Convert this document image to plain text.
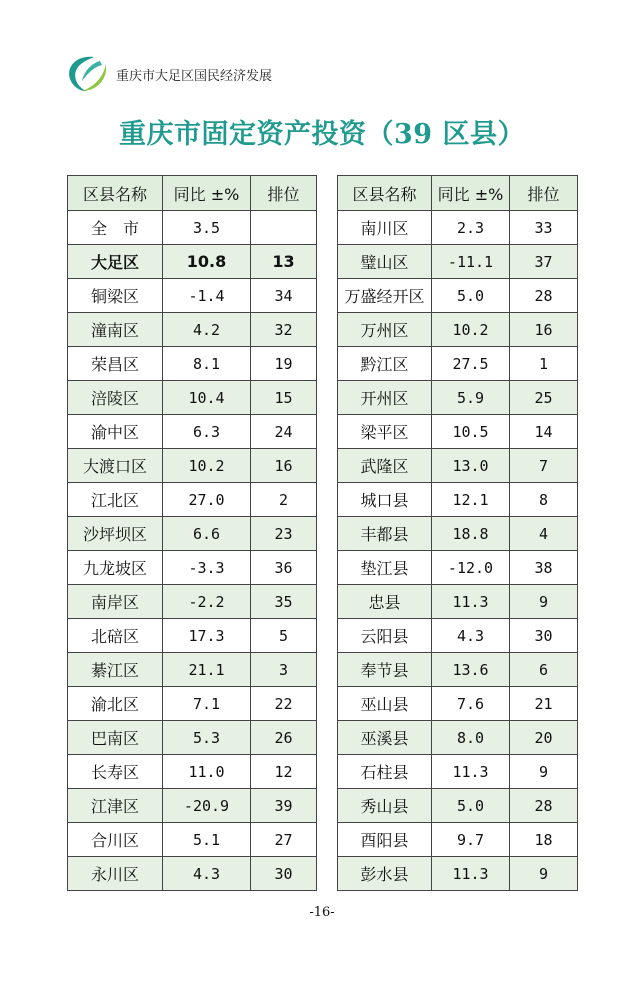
重庆市大足区国民经济发展
重庆市固定资产投资（39 区县）
区县名称	同比 ±%	排位
全　市	3.5	
大足区	10.8	13
铜梁区	-1.4	34
潼南区	4.2	32
荣昌区	8.1	19
涪陵区	10.4	15
渝中区	6.3	24
大渡口区	10.2	16
江北区	27.0	2
沙坪坝区	6.6	23
九龙坡区	-3.3	36
南岸区	-2.2	35
北碚区	17.3	5
綦江区	21.1	3
渝北区	7.1	22
巴南区	5.3	26
长寿区	11.0	12
江津区	-20.9	39
合川区	5.1	27
永川区	4.3	30
区县名称	同比 ±%	排位
南川区	2.3	33
璧山区	-11.1	37
万盛经开区	5.0	28
万州区	10.2	16
黔江区	27.5	1
开州区	5.9	25
梁平区	10.5	14
武隆区	13.0	7
城口县	12.1	8
丰都县	18.8	4
垫江县	-12.0	38
忠县	11.3	9
云阳县	4.3	30
奉节县	13.6	6
巫山县	7.6	21
巫溪县	8.0	20
石柱县	11.3	9
秀山县	5.0	28
酉阳县	9.7	18
彭水县	11.3	9
-16-
